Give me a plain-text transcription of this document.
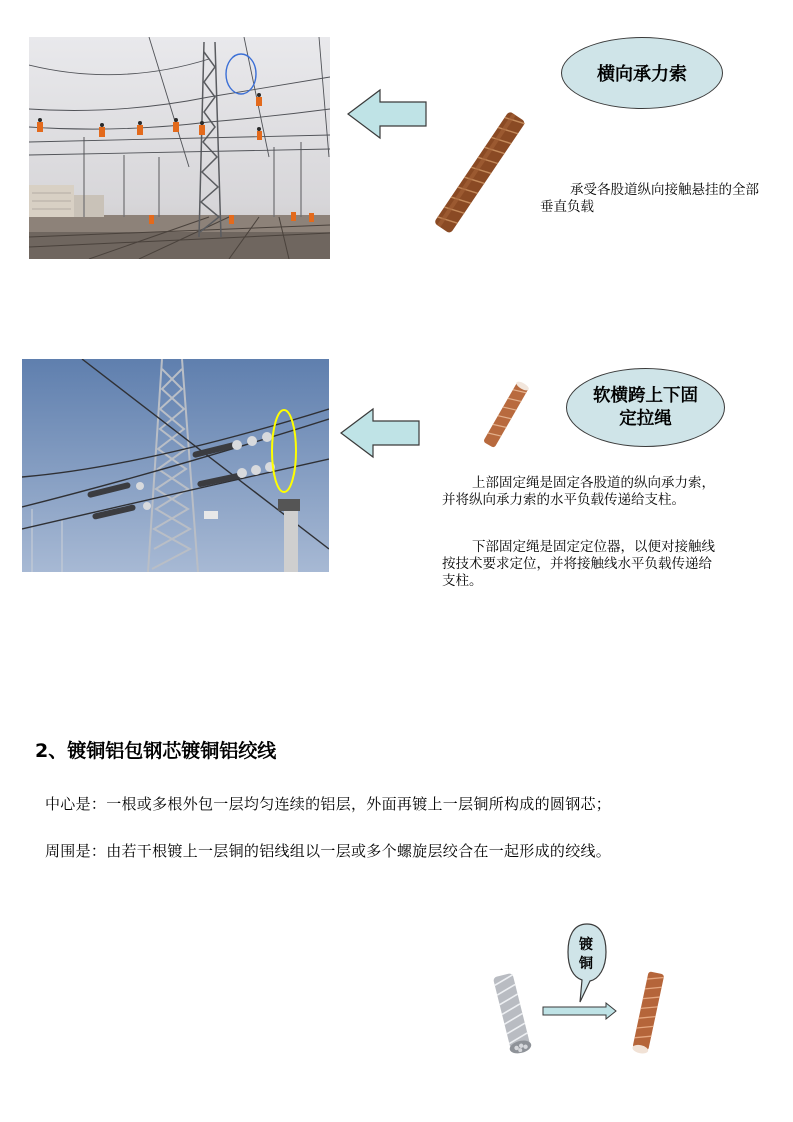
横向承力索
承受各股道纵向接触悬挂的全部垂直负载
软横跨上下固定拉绳
上部固定绳是固定各股道的纵向承力索，并将纵向承力索的水平负载传递给支柱。
下部固定绳是固定定位器，以便对接触线按技术要求定位，并将接触线水平负载传递给支柱。
2、镀铜铝包钢芯镀铜铝绞线
中心是：一根或多根外包一层均匀连续的铝层，外面再镀上一层铜所构成的圆钢芯；
周围是：由若干根镀上一层铜的铝线组以一层或多个螺旋层绞合在一起形成的绞线。
镀铜
